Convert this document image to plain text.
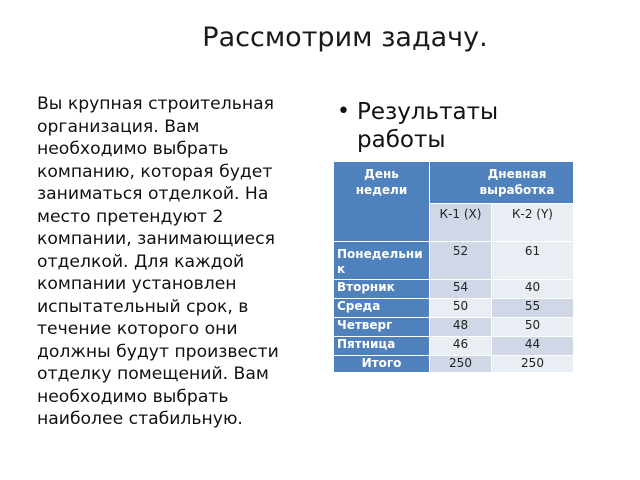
Рассмотрим задачу.
Вы крупная строительная организация. Вам необходимо выбрать компанию, которая будет заниматься отделкой. На место претендуют 2 компании, занимающиеся отделкой. Для каждой компании установлен испытательный срок, в течение которого они должны будут произвести отделку помещений. Вам необходимо выбрать наиболее стабильную.
• Результаты работы
День недели	Дневная выработка	
	К-1 (X)	К-2 (Y)
Понедельник	52	61
Вторник	54	40
Среда	50	55
Четверг	48	50
Пятница	46	44
Итого	250	250
